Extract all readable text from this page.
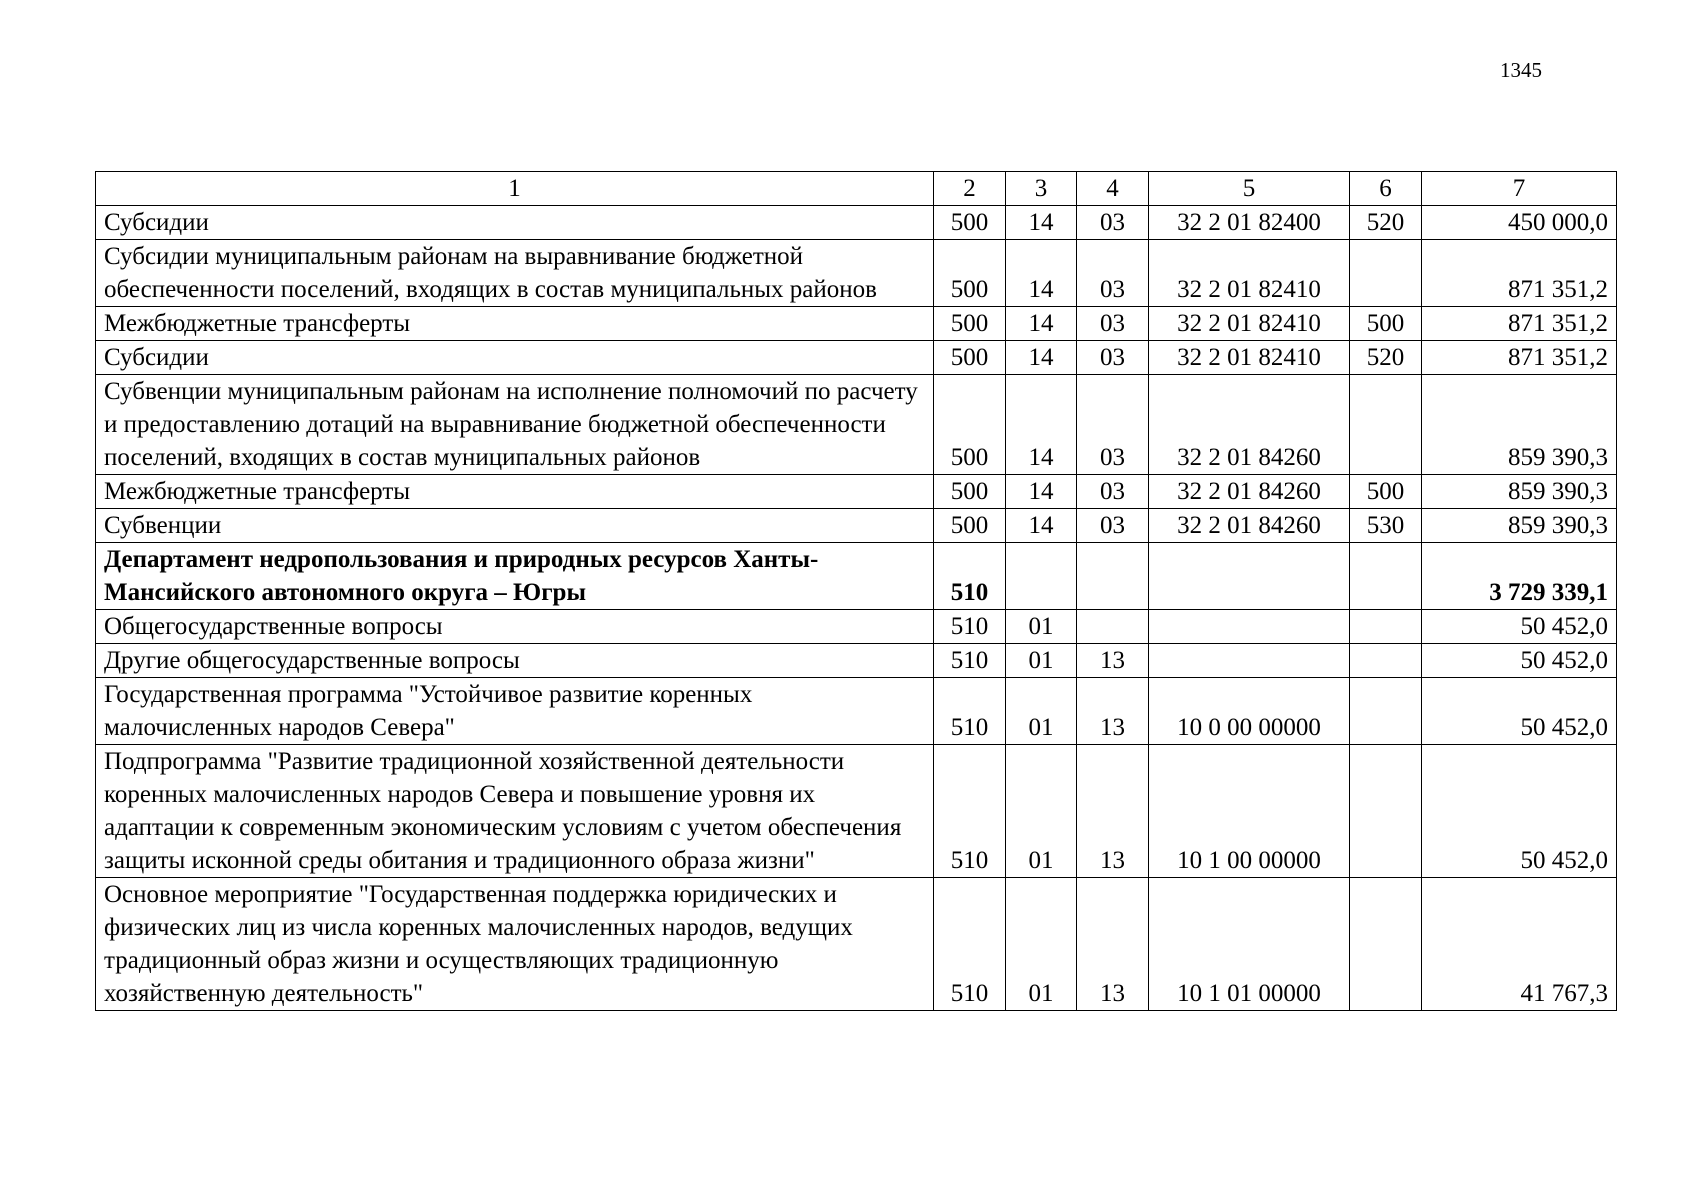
1345
1	2	3	4	5	6	7
Субсидии	500	14	03	32 2 01 82400	520	450 000,0
Субсидии муниципальным районам на выравнивание бюджетной обеспеченности поселений, входящих в состав муниципальных районов	500	14	03	32 2 01 82410		871 351,2
Межбюджетные трансферты	500	14	03	32 2 01 82410	500	871 351,2
Субсидии	500	14	03	32 2 01 82410	520	871 351,2
Субвенции муниципальным районам на исполнение полномочий по расчету и предоставлению дотаций на выравнивание бюджетной обеспеченности поселений, входящих в состав муниципальных районов	500	14	03	32 2 01 84260		859 390,3
Межбюджетные трансферты	500	14	03	32 2 01 84260	500	859 390,3
Субвенции	500	14	03	32 2 01 84260	530	859 390,3
Департамент недропользования и природных ресурсов Ханты-Мансийского автономного округа – Югры	510					3 729 339,1
Общегосударственные вопросы	510	01				50 452,0
Другие общегосударственные вопросы	510	01	13			50 452,0
Государственная программа "Устойчивое развитие коренных малочисленных народов Севера"	510	01	13	10 0 00 00000		50 452,0
Подпрограмма "Развитие традиционной хозяйственной деятельности коренных малочисленных народов Севера и повышение уровня их адаптации к современным экономическим условиям с учетом обеспечения защиты исконной среды обитания и традиционного образа жизни"	510	01	13	10 1 00 00000		50 452,0
Основное мероприятие "Государственная поддержка юридических и физических лиц из числа коренных малочисленных народов, ведущих традиционный образ жизни и осуществляющих традиционную хозяйственную деятельность"	510	01	13	10 1 01 00000		41 767,3
